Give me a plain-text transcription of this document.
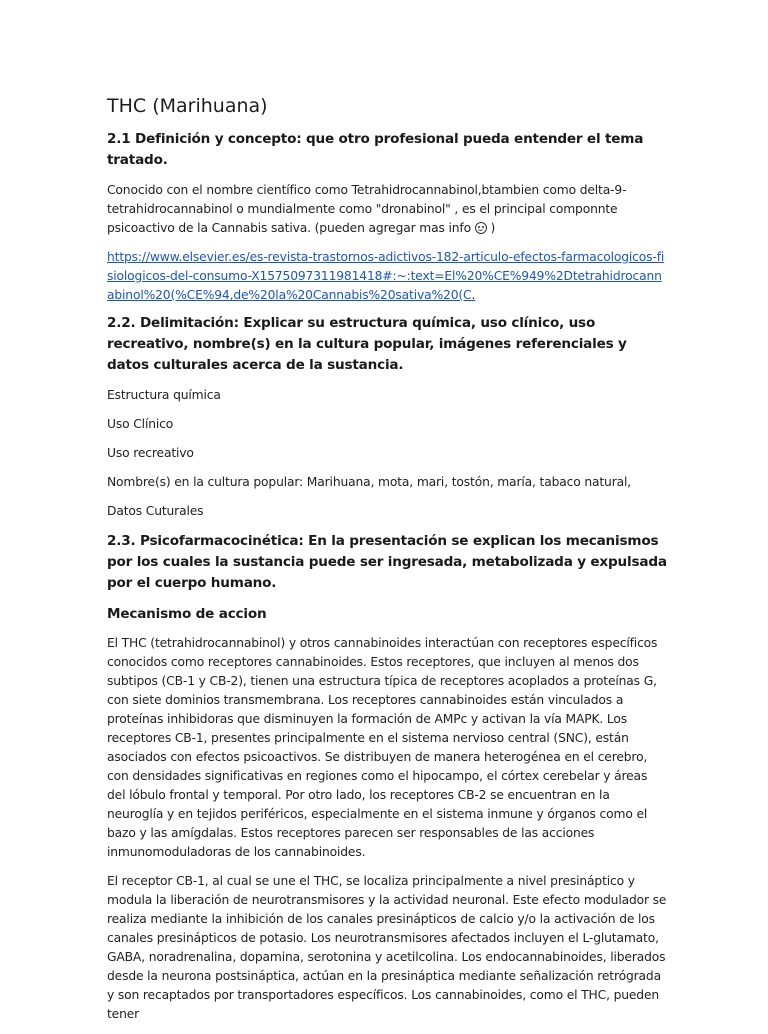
THC (Marihuana)
2.1 Definición y concepto: que otro profesional pueda entender el tema tratado.
Conocido con el nombre científico como Tetrahidrocannabinol,btambien como delta-9-tetrahidrocannabinol o mundialmente como "dronabinol" , es el principal componnte psicoactivo de la Cannabis sativa. (pueden agregar mas info  )
https://www.elsevier.es/es-revista-trastornos-adictivos-182-articulo-efectos-farmacologicos-fisiologicos-del-consumo-X1575097311981418#:~:text=El%20%CE%949%2Dtetrahidrocannabinol%20(%CE%94,de%20la%20Cannabis%20sativa%20(C.
2.2. Delimitación: Explicar su estructura química, uso clínico, uso recreativo, nombre(s) en la cultura popular, imágenes referenciales y datos culturales acerca de la sustancia.
Estructura química
Uso Clínico
Uso recreativo
Nombre(s) en la cultura popular: Marihuana, mota, mari, tostón, maría, tabaco natural,
Datos Cuturales
2.3. Psicofarmacocinética: En la presentación se explican los mecanismos por los cuales la sustancia puede ser ingresada, metabolizada y expulsada por el cuerpo humano.
Mecanismo de accion
El THC (tetrahidrocannabinol) y otros cannabinoides interactúan con receptores específicos conocidos como receptores cannabinoides. Estos receptores, que incluyen al menos dos subtipos (CB-1 y CB-2), tienen una estructura típica de receptores acoplados a proteínas G, con siete dominios transmembrana. Los receptores cannabinoides están vinculados a proteínas inhibidoras que disminuyen la formación de AMPc y activan la vía MAPK. Los receptores CB-1, presentes principalmente en el sistema nervioso central (SNC), están asociados con efectos psicoactivos. Se distribuyen de manera heterogénea en el cerebro, con densidades significativas en regiones como el hipocampo, el córtex cerebelar y áreas del lóbulo frontal y temporal. Por otro lado, los receptores CB-2 se encuentran en la neuroglía y en tejidos periféricos, especialmente en el sistema inmune y órganos como el bazo y las amígdalas. Estos receptores parecen ser responsables de las acciones inmunomoduladoras de los cannabinoides.
El receptor CB-1, al cual se une el THC, se localiza principalmente a nivel presináptico y modula la liberación de neurotransmisores y la actividad neuronal. Este efecto modulador se realiza mediante la inhibición de los canales presinápticos de calcio y/o la activación de los canales presinápticos de potasio. Los neurotransmisores afectados incluyen el L-glutamato, GABA, noradrenalina, dopamina, serotonina y acetilcolina. Los endocannabinoides, liberados desde la neurona postsináptica, actúan en la presináptica mediante señalización retrógrada y son recaptados por transportadores específicos. Los cannabinoides, como el THC, pueden tener
